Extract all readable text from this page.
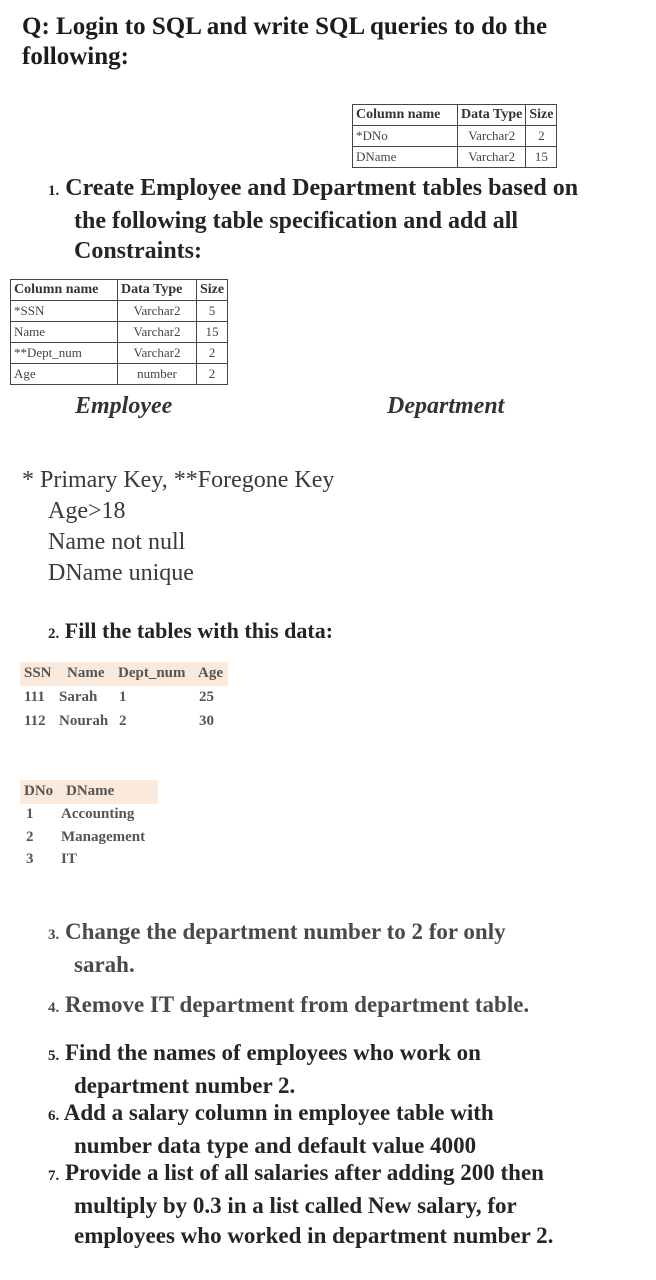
Q: Login to SQL and write SQL queries to do the
following:
Column name	Data Type	Size
*DNo	Varchar2	2
DName	Varchar2	15
1. Create Employee and Department tables based on
the following table specification and add all
Constraints:
Column name	Data Type	Size
*SSN	Varchar2	5
Name	Varchar2	15
**Dept_num	Varchar2	2
Age	number	2
Employee	Department
* Primary Key, **Foregone Key
Age>18
Name not null
DName unique
2. Fill the tables with this data:
SSN Name Dept_num Age
111 Sarah 1	25
112 Nourah 2	30
DNo DName
1 Accounting
2 Management
3 IT
3. Change the department number to 2 for only
sarah.
4. Remove IT department from department table.
5. Find the names of employees who work on
department number 2.
6. Add a salary column in employee table with
number data type and default value 4000
7. Provide a list of all salaries after adding 200 then
multiply by 0.3 in a list called New salary, for
employees who worked in department number 2.
